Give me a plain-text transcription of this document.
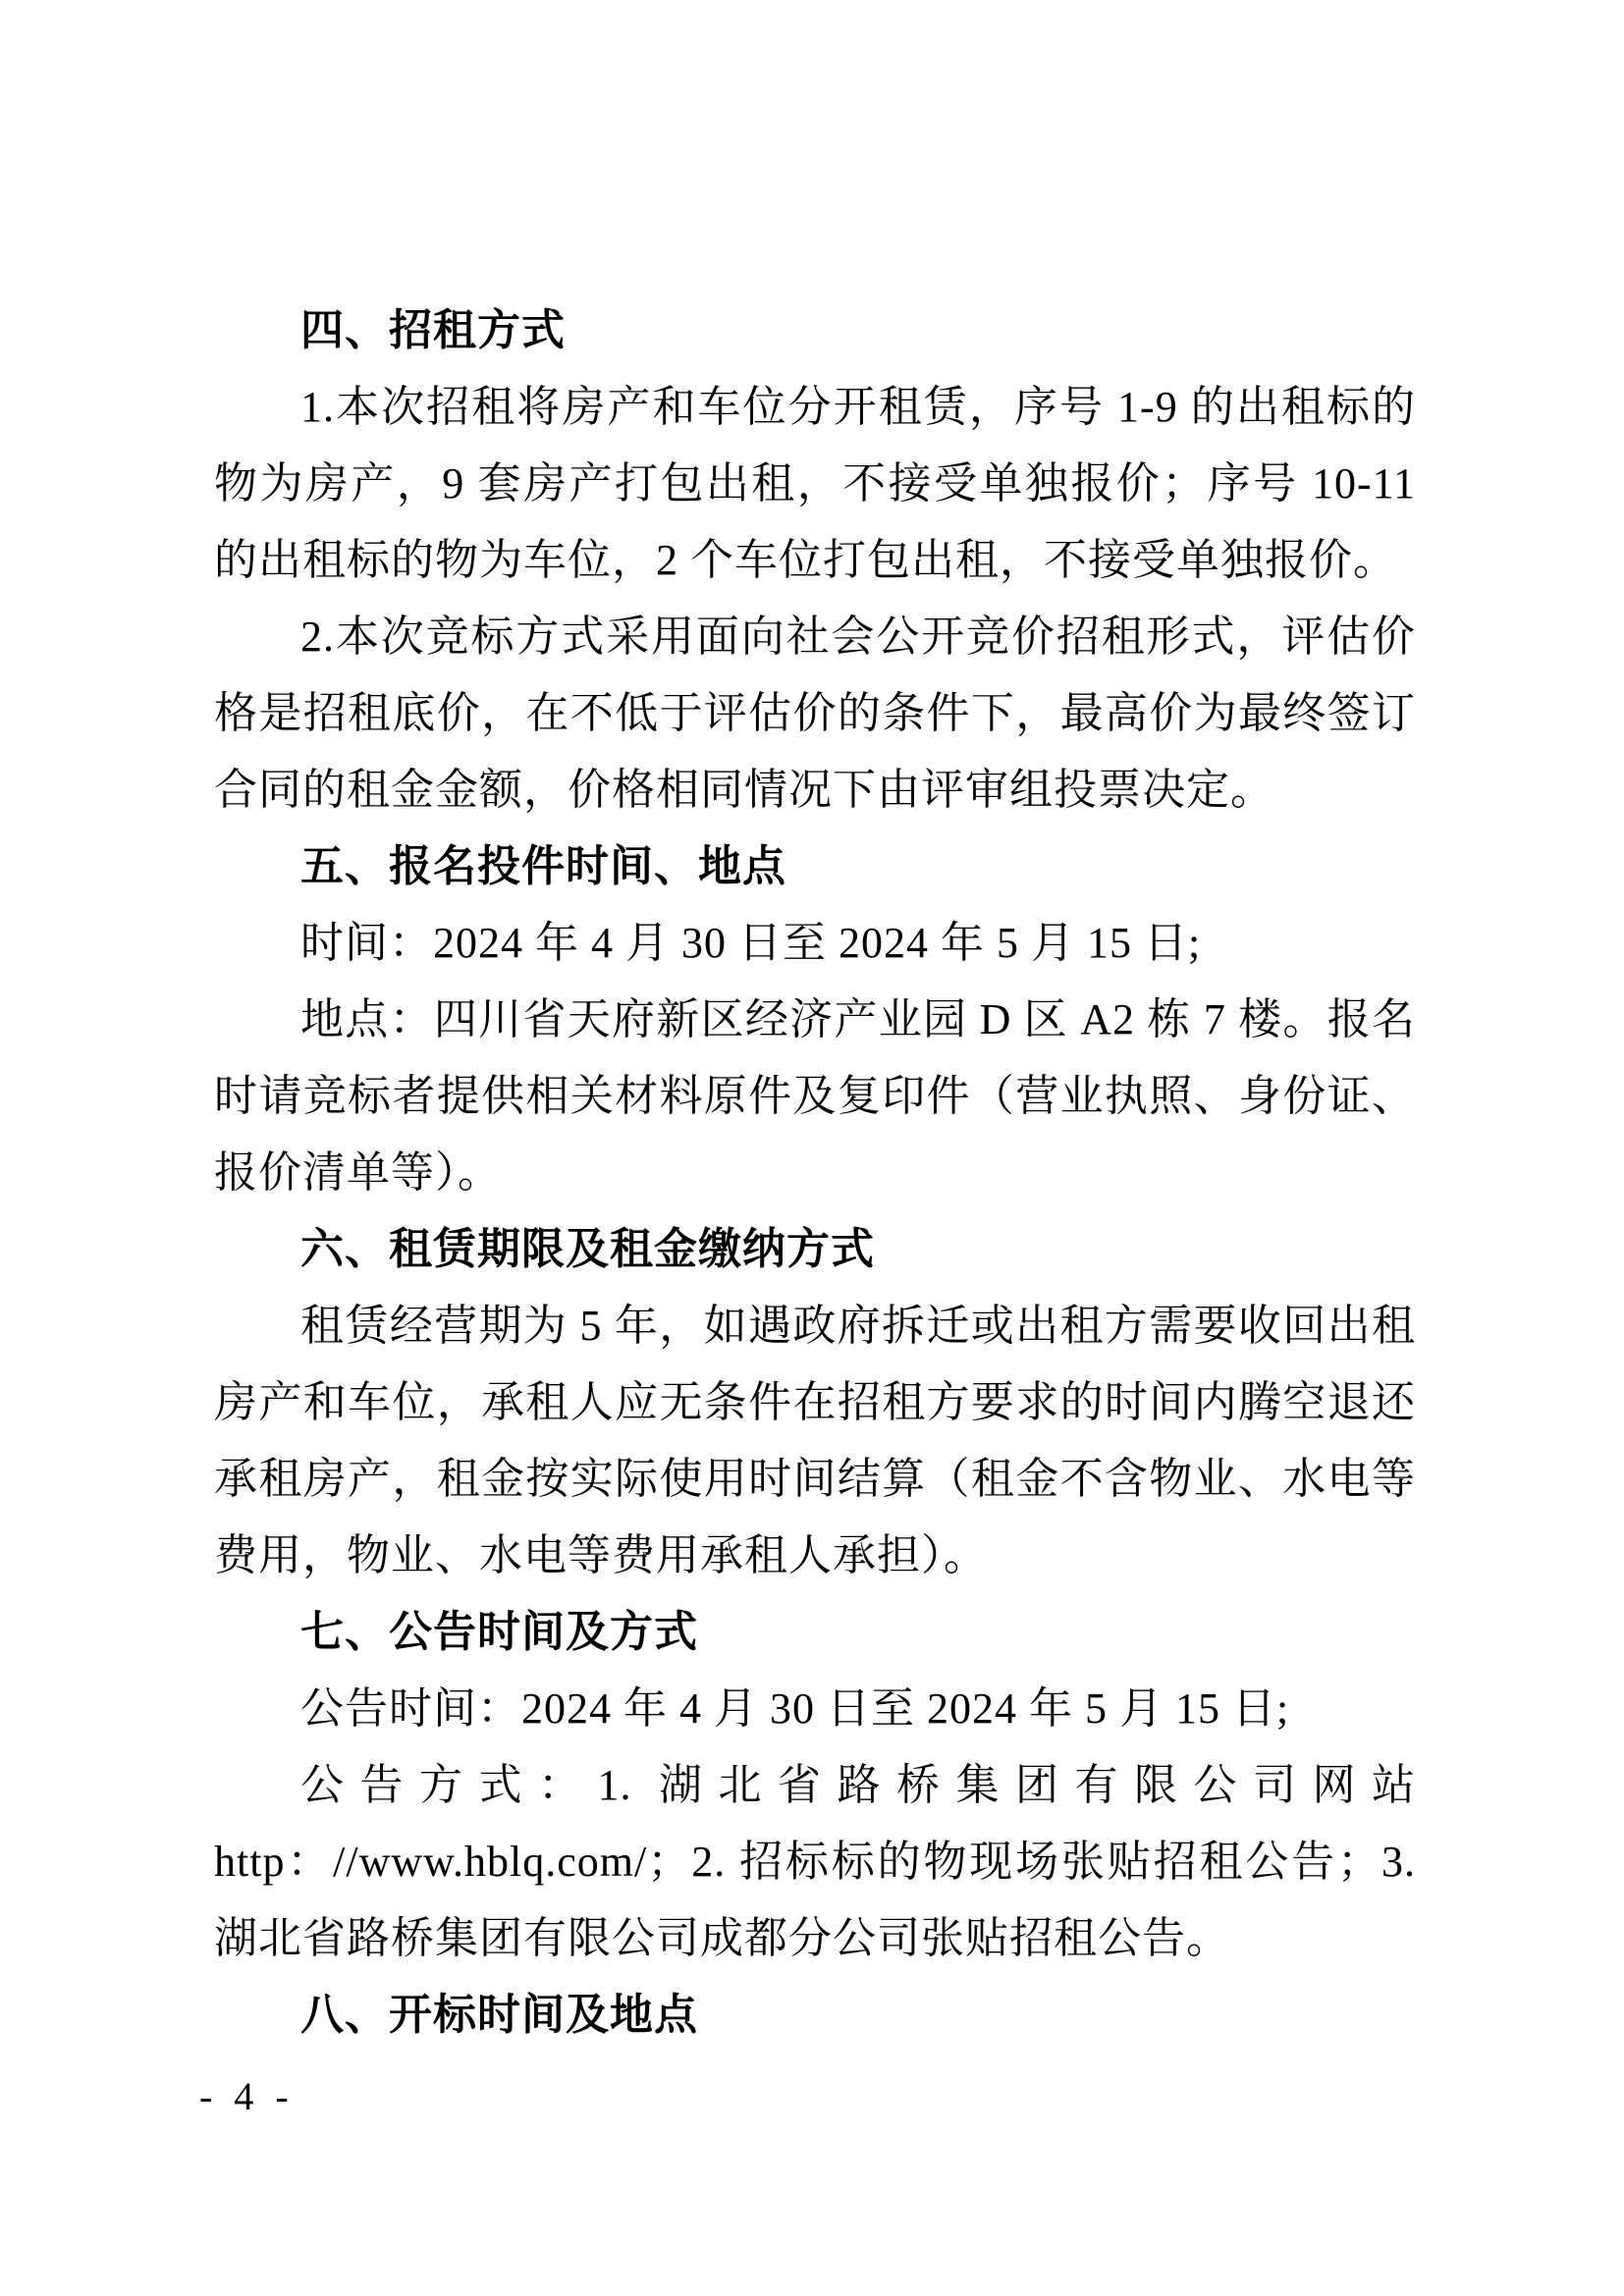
四、招租方式

1.本次招租将房产和车位分开租赁，序号 1-9 的出租标的物为房产，9 套房产打包出租，不接受单独报价；序号 10-11 的出租标的物为车位，2 个车位打包出租，不接受单独报价。

2.本次竞标方式采用面向社会公开竞价招租形式，评估价格是招租底价，在不低于评估价的条件下，最高价为最终签订合同的租金金额，价格相同情况下由评审组投票决定。

五、报名投件时间、地点

时间：2024 年 4 月 30 日至 2024 年 5 月 15 日;

地点：四川省天府新区经济产业园 D 区 A2 栋 7 楼。报名时请竞标者提供相关材料原件及复印件（营业执照、身份证、报价清单等）。

六、租赁期限及租金缴纳方式

租赁经营期为 5 年，如遇政府拆迁或出租方需要收回出租房产和车位，承租人应无条件在招租方要求的时间内腾空退还承租房产，租金按实际使用时间结算（租金不含物业、水电等费用，物业、水电等费用承租人承担）。

七、公告时间及方式

公告时间：2024 年 4 月 30 日至 2024 年 5 月 15 日;

公告方式：1. 湖北省路桥集团有限公司网站 http：//www.hblq.com/；2. 招标标的物现场张贴招租公告；3. 湖北省路桥集团有限公司成都分公司张贴招租公告。

八、开标时间及地点
- 4 -
